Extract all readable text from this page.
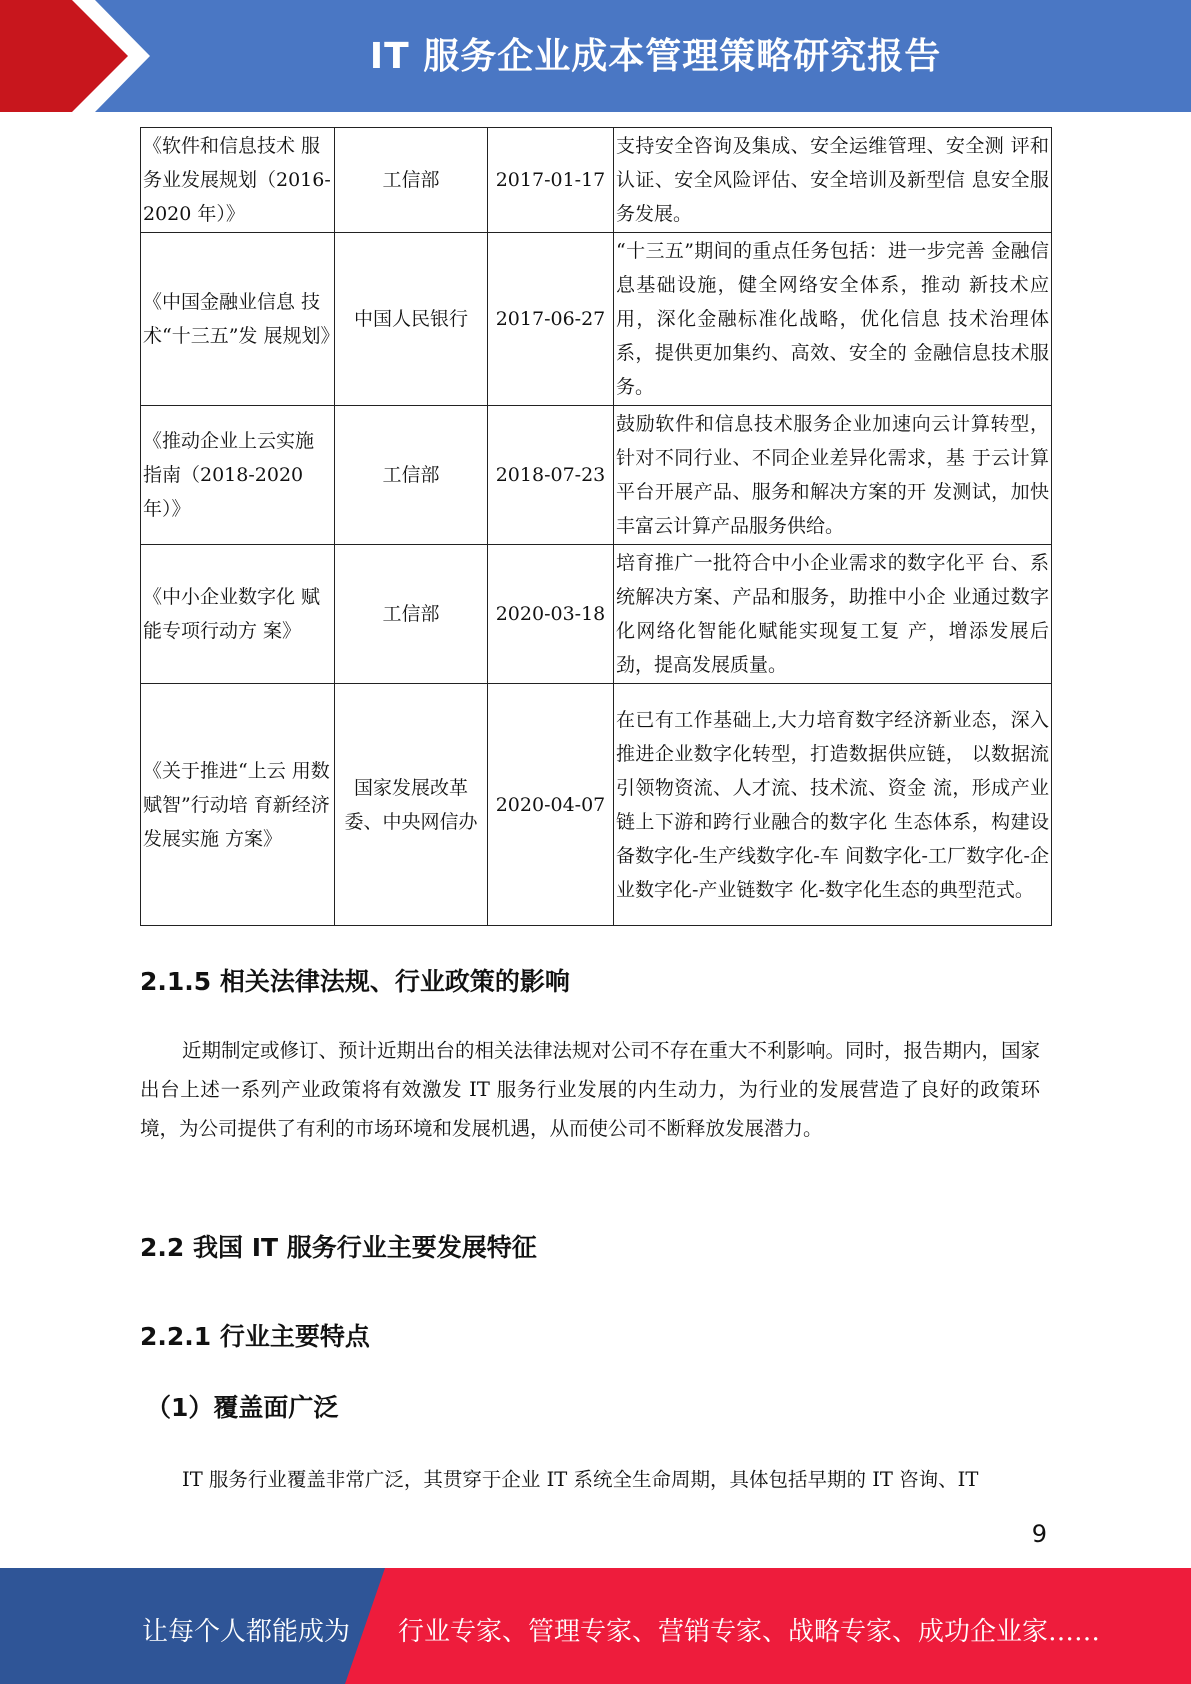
IT 服务企业成本管理策略研究报告
《软件和信息技术 服务业发展规划（2016-2020 年）》	工信部	2017-01-17	支持安全咨询及集成、安全运维管理、安全测 评和认证、安全风险评估、安全培训及新型信 息安全服务发展。
《中国金融业信息 技术“十三五”发 展规划》	中国人民银行	2017-06-27	“十三五”期间的重点任务包括：进一步完善 金融信息基础设施，健全网络安全体系，推动 新技术应用，深化金融标准化战略，优化信息 技术治理体系，提供更加集约、高效、安全的 金融信息技术服务。
《推动企业上云实施指南（2018-2020 年）》	工信部	2018-07-23	鼓励软件和信息技术服务企业加速向云计算转型，针对不同行业、不同企业差异化需求，基 于云计算平台开展产品、服务和解决方案的开 发测试，加快丰富云计算产品服务供给。
《中小企业数字化 赋能专项行动方 案》	工信部	2020-03-18	培育推广一批符合中小企业需求的数字化平 台、系统解决方案、产品和服务，助推中小企 业通过数字化网络化智能化赋能实现复工复 产，增添发展后劲，提高发展质量。
《关于推进“上云 用数赋智”行动培 育新经济发展实施 方案》	国家发展改革委、中央网信办	2020-04-07	在已有工作基础上,大力培育数字经济新业态，深入推进企业数字化转型，打造数据供应链， 以数据流引领物资流、人才流、技术流、资金 流，形成产业链上下游和跨行业融合的数字化 生态体系，构建设备数字化-生产线数字化-车 间数字化-工厂数字化-企业数字化-产业链数字 化-数字化生态的典型范式。
2.1.5 相关法律法规、行业政策的影响
近期制定或修订、预计近期出台的相关法律法规对公司不存在重大不利影响。同时，报告期内，国家出台上述一系列产业政策将有效激发 IT 服务行业发展的内生动力，为行业的发展营造了良好的政策环境，为公司提供了有利的市场环境和发展机遇，从而使公司不断释放发展潜力。
2.2 我国 IT 服务行业主要发展特征
2.2.1 行业主要特点
（1）覆盖面广泛
IT 服务行业覆盖非常广泛，其贯穿于企业 IT 系统全生命周期，具体包括早期的 IT 咨询、IT
9
让每个人都能成为 行业专家、管理专家、营销专家、战略专家、成功企业家……
